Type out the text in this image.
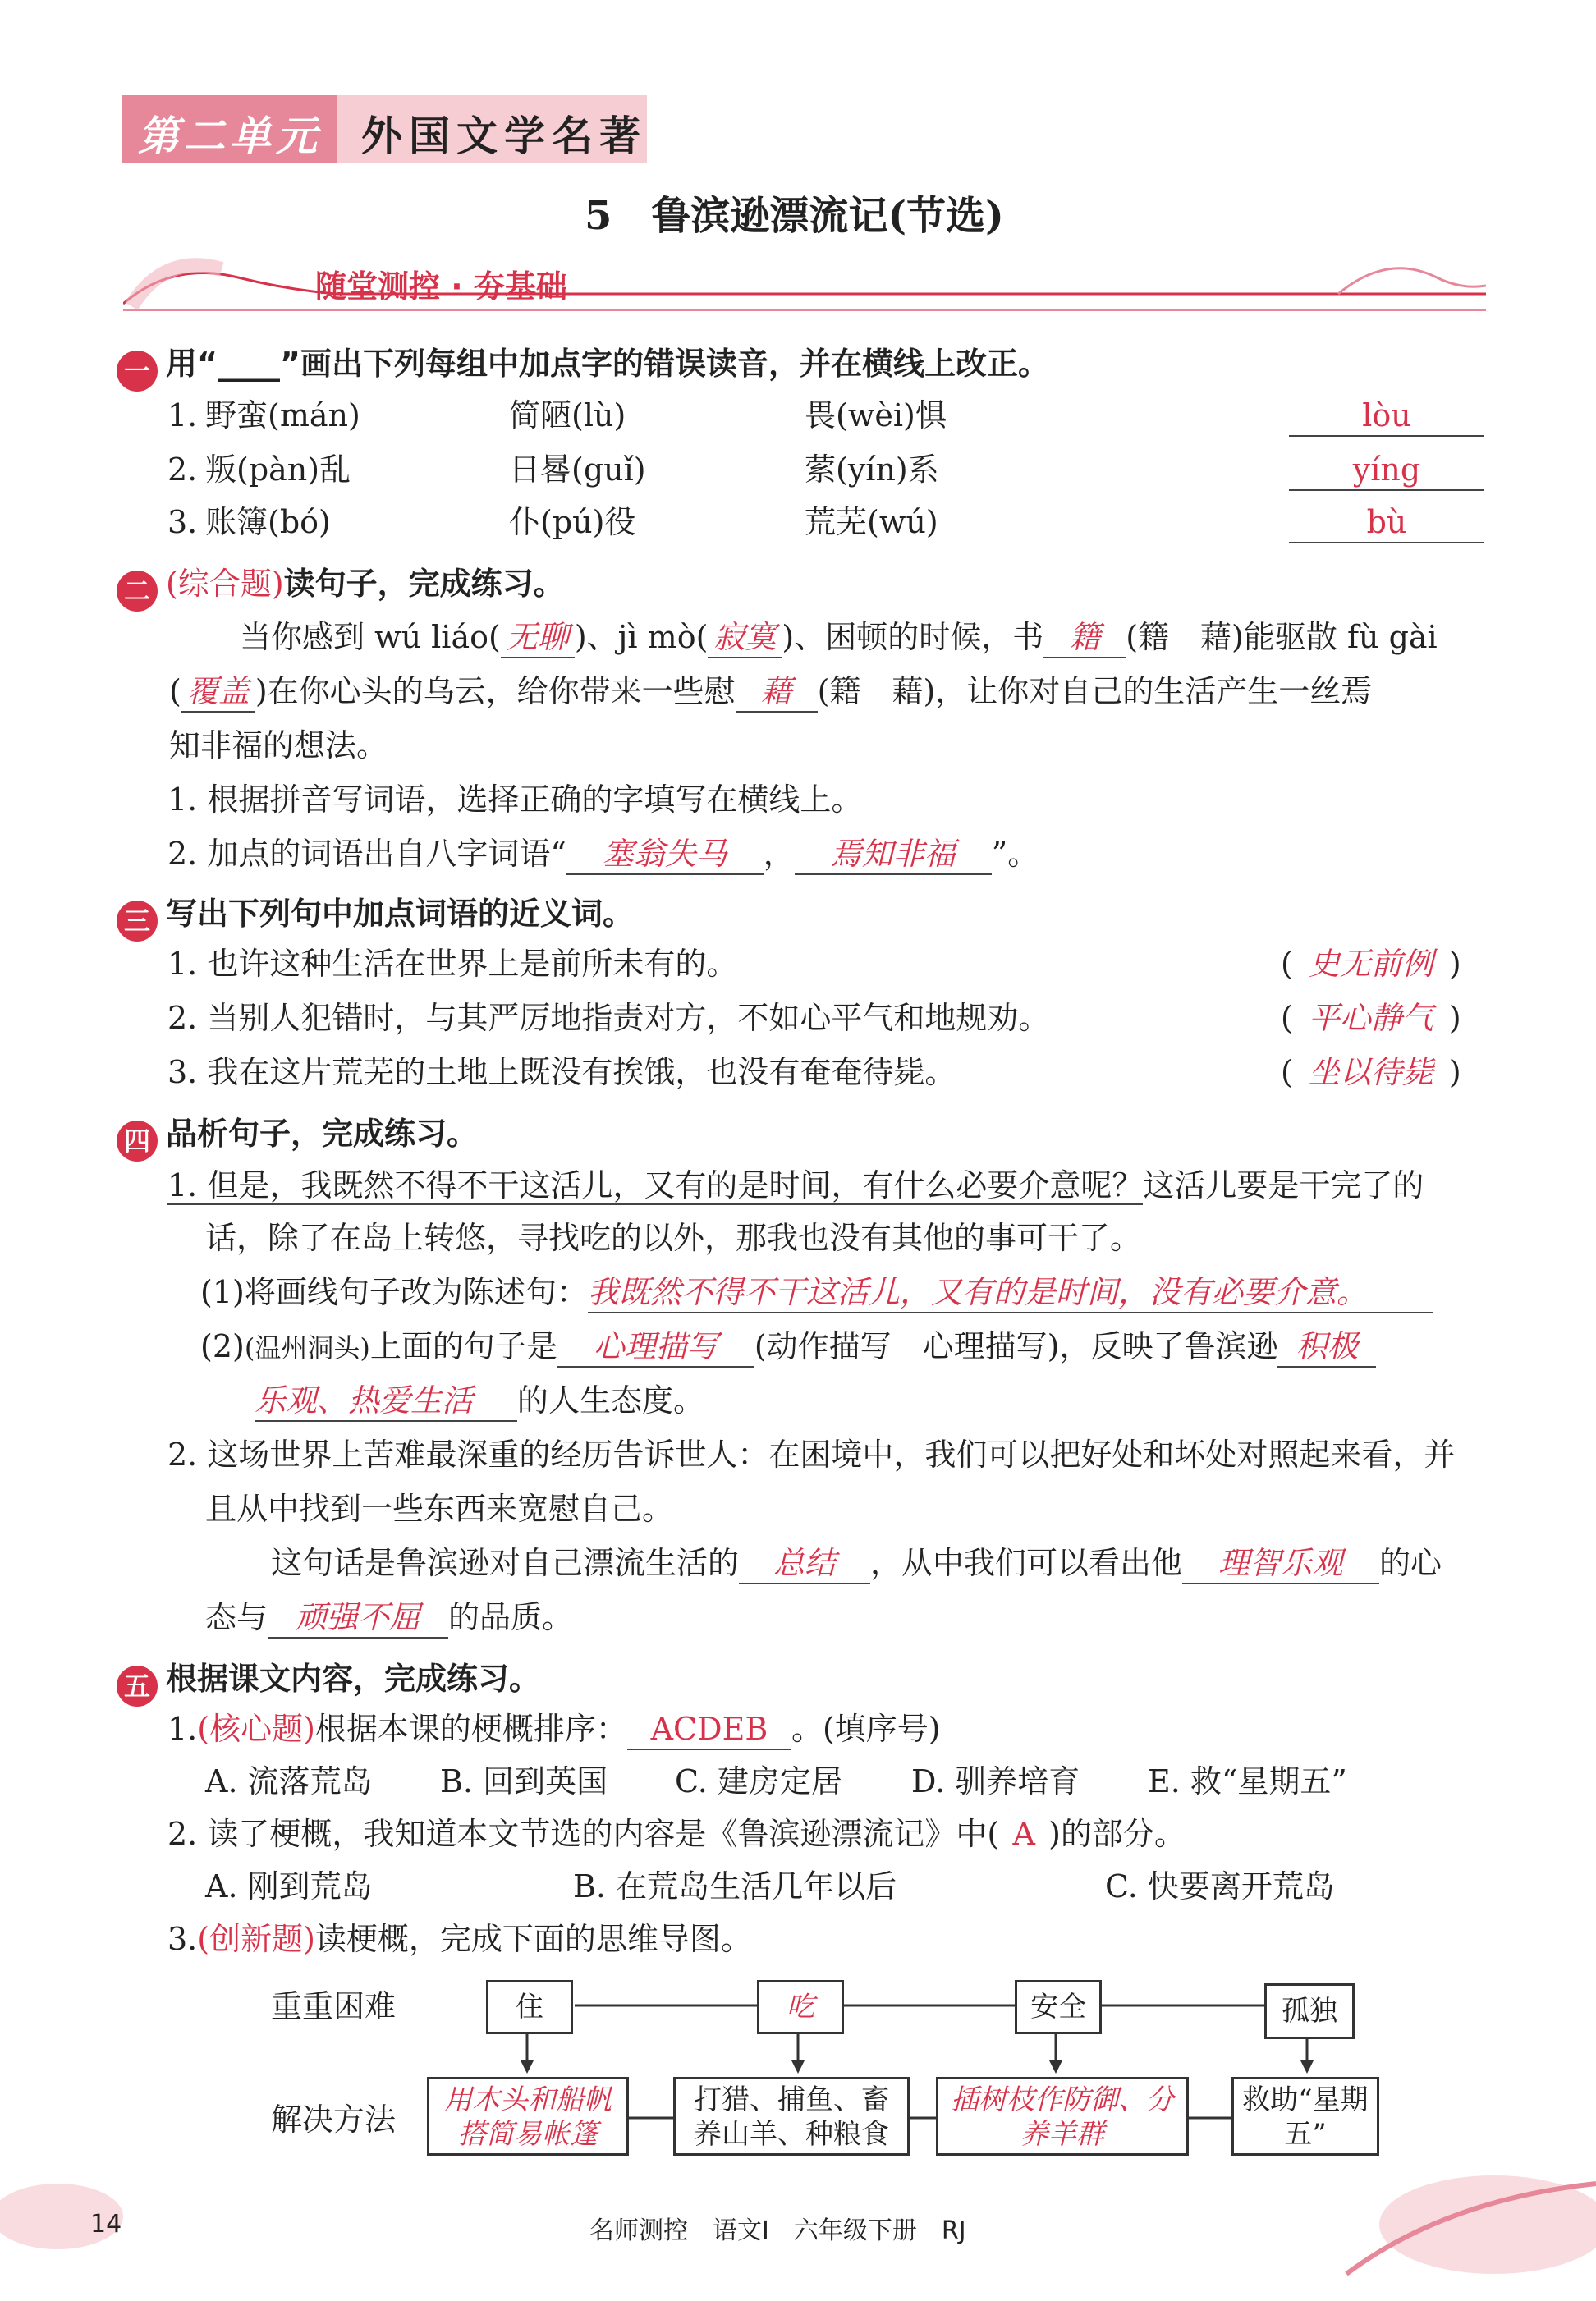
第二单元 外国文学名著
5　鲁滨逊漂流记(节选)
随堂测控 · 夯基础
一 用“____”画出下列每组中加点字的错误读音，并在横线上改正。
1. 野蛮(mán)	简陋(lù)	畏(wèi)惧	lòu
2. 叛(pàn)乱	日晷(guǐ)	萦(yín)系	yíng
3. 账簿(bó)	仆(pú)役	荒芜(wú)	bù
二 (综合题)读句子，完成练习。
当你感到 wú liáo( 无聊 )、jì mò( 寂寞 )、困顿的时候，书 籍 (籍　藉)能驱散 fù gài
( 覆盖 )在你心头的乌云，给你带来一些慰 藉 (籍　藉)，让你对自己的生活产生一丝焉
知非福的想法。
1. 根据拼音写词语，选择正确的字填写在横线上。
2. 加点的词语出自八字词语“ 塞翁失马 ， 焉知非福 ”。
三 写出下列句中加点词语的近义词。
1. 也许这种生活在世界上是前所未有的。	( 史无前例 )
2. 当别人犯错时，与其严厉地指责对方，不如心平气和地规劝。	( 平心静气 )
3. 我在这片荒芜的土地上既没有挨饿，也没有奄奄待毙。	( 坐以待毙 )
四 品析句子，完成练习。
1. 但是，我既然不得不干这活儿，又有的是时间，有什么必要介意呢？这活儿要是干完了的
话，除了在岛上转悠，寻找吃的以外，那我也没有其他的事可干了。
(1)将画线句子改为陈述句：我既然不得不干这活儿，又有的是时间，没有必要介意。
(2)(温州洞头)上面的句子是 心理描写 (动作描写　心理描写)，反映了鲁滨逊 积极
乐观、热爱生活 的人生态度。
2. 这场世界上苦难最深重的经历告诉世人：在困境中，我们可以把好处和坏处对照起来看，并
且从中找到一些东西来宽慰自己。
这句话是鲁滨逊对自己漂流生活的 总结 ，从中我们可以看出他 理智乐观 的心
态与 顽强不屈 的品质。
五 根据课文内容，完成练习。
1.(核心题)根据本课的梗概排序： ACDEB 。(填序号)
A. 流落荒岛 B. 回到英国 C. 建房定居 D. 驯养培育 E. 救“星期五”
2. 读了梗概，我知道本文节选的内容是《鲁滨逊漂流记》中( A )的部分。
A. 刚到荒岛	B. 在荒岛生活几年以后	C. 快要离开荒岛
3.(创新题)读梗概，完成下面的思维导图。
重重困难
解决方法
住	吃	安全	孤独
用木头和船帆搭简易帐篷
打猎、捕鱼、畜养山羊、种粮食
插树枝作防御、分养羊群
救助“星期五”
14	名师测控　语文Ⅰ　六年级下册　RJ
